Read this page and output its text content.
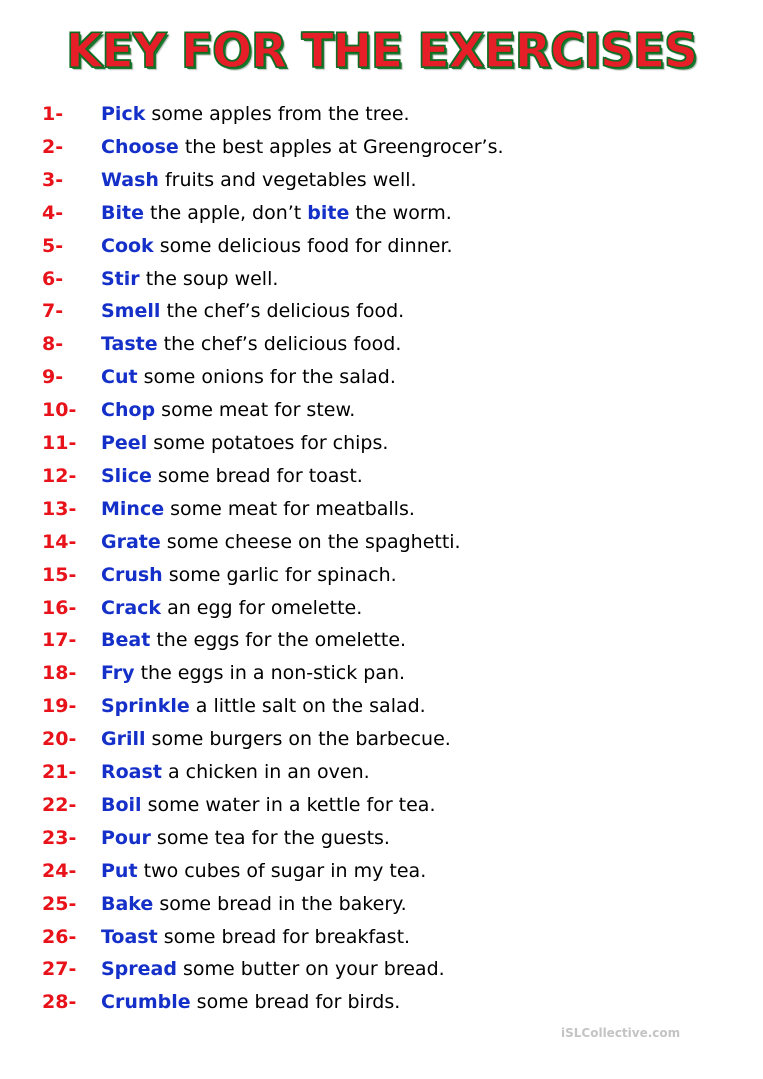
KEY FOR THE EXERCISES
1- Pick some apples from the tree.
2- Choose the best apples at Greengrocer’s.
3- Wash fruits and vegetables well.
4- Bite the apple, don’t bite the worm.
5- Cook some delicious food for dinner.
6- Stir the soup well.
7- Smell the chef’s delicious food.
8- Taste the chef’s delicious food.
9- Cut some onions for the salad.
10- Chop some meat for stew.
11- Peel some potatoes for chips.
12- Slice some bread for toast.
13- Mince some meat for meatballs.
14- Grate some cheese on the spaghetti.
15- Crush some garlic for spinach.
16- Crack an egg for omelette.
17- Beat the eggs for the omelette.
18- Fry the eggs in a non-stick pan.
19- Sprinkle a little salt on the salad.
20- Grill some burgers on the barbecue.
21- Roast a chicken in an oven.
22- Boil some water in a kettle for tea.
23- Pour some tea for the guests.
24- Put two cubes of sugar in my tea.
25- Bake some bread in the bakery.
26- Toast some bread for breakfast.
27- Spread some butter on your bread.
28- Crumble some bread for birds.
iSLCollective.com
